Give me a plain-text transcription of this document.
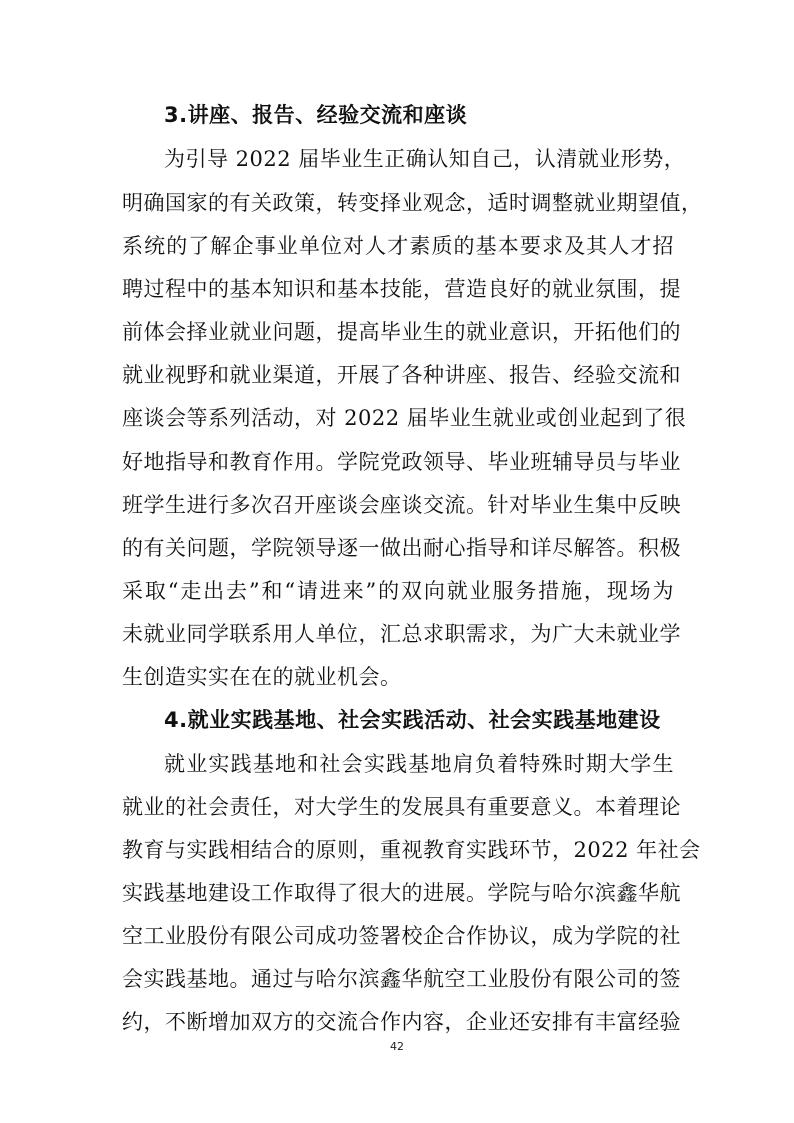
3.讲座、报告、经验交流和座谈
为引导 2022 届毕业生正确认知自己，认清就业形势，
明确国家的有关政策，转变择业观念，适时调整就业期望值，
系统的了解企事业单位对人才素质的基本要求及其人才招
聘过程中的基本知识和基本技能，营造良好的就业氛围，提
前体会择业就业问题，提高毕业生的就业意识，开拓他们的
就业视野和就业渠道，开展了各种讲座、报告、经验交流和
座谈会等系列活动，对 2022 届毕业生就业或创业起到了很
好地指导和教育作用。学院党政领导、毕业班辅导员与毕业
班学生进行多次召开座谈会座谈交流。针对毕业生集中反映
的有关问题，学院领导逐一做出耐心指导和详尽解答。积极
采取“走出去”和“请进来”的双向就业服务措施，现场为
未就业同学联系用人单位，汇总求职需求，为广大未就业学
生创造实实在在的就业机会。
4.就业实践基地、社会实践活动、社会实践基地建设
就业实践基地和社会实践基地肩负着特殊时期大学生
就业的社会责任，对大学生的发展具有重要意义。本着理论
教育与实践相结合的原则，重视教育实践环节，2022 年社会
实践基地建设工作取得了很大的进展。学院与哈尔滨鑫华航
空工业股份有限公司成功签署校企合作协议，成为学院的社
会实践基地。通过与哈尔滨鑫华航空工业股份有限公司的签
约，不断增加双方的交流合作内容，企业还安排有丰富经验
42
